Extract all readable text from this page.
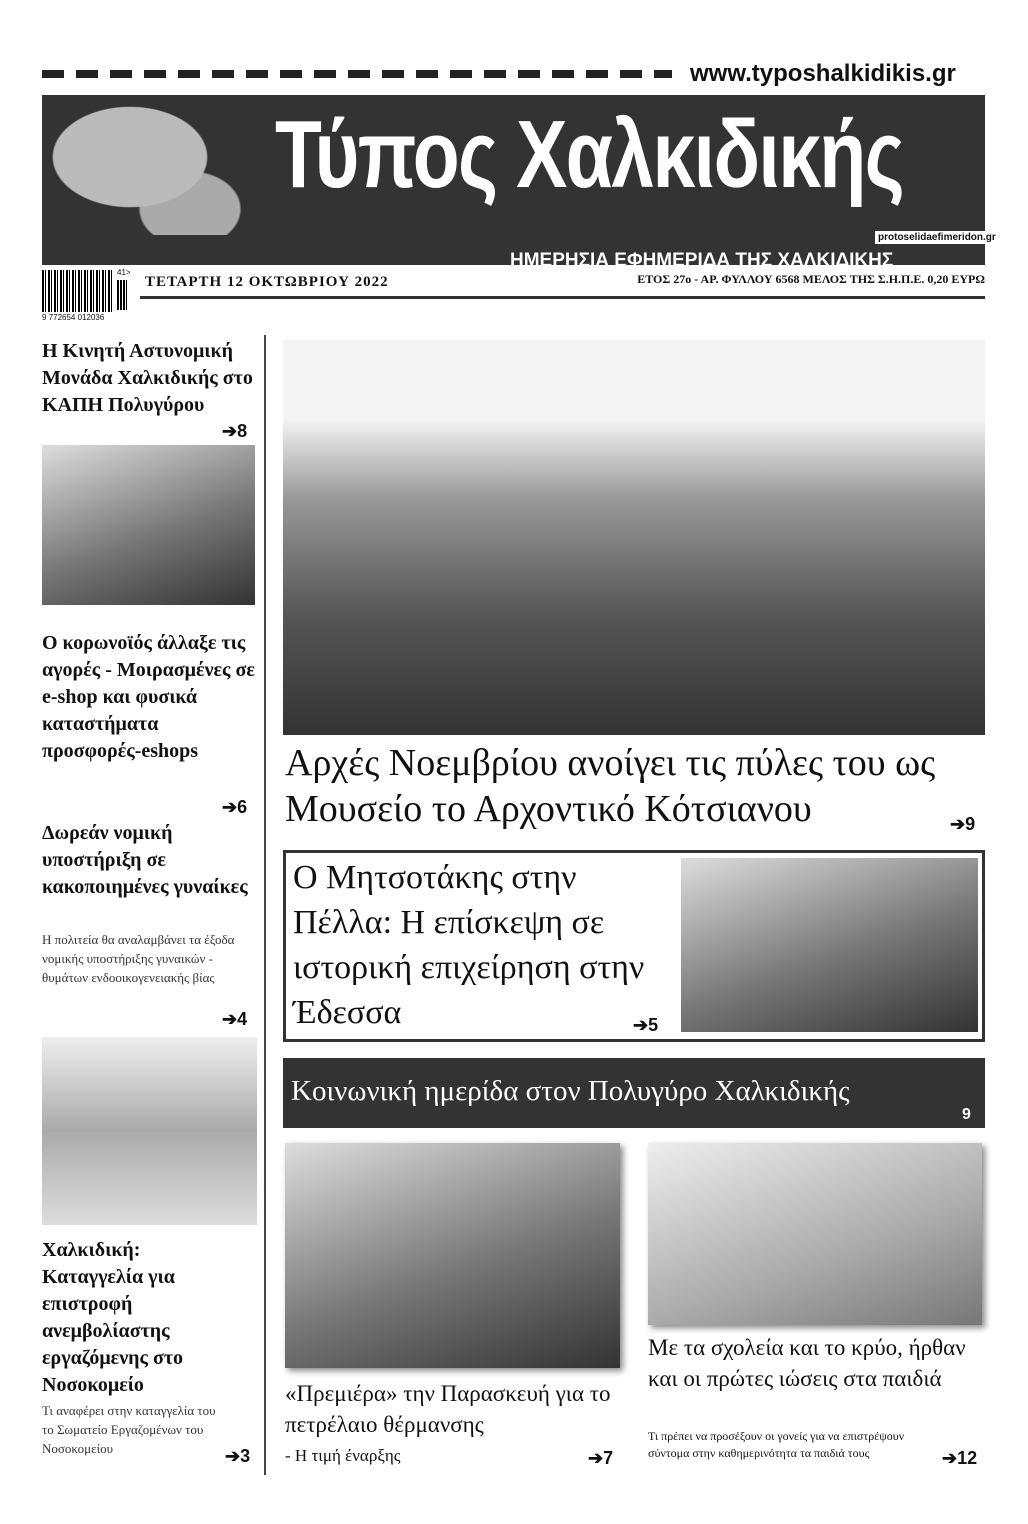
www.typoshalkidikis.gr
Τύπος Χαλκιδικής
ΗΜΕΡΗΣΙΑ ΕΦΗΜΕΡΙΔΑ ΤΗΣ ΧΑΛΚΙΔΙΚΗΣ
protoselidaefimeridon.gr
41>
9 772654 012036
ΤΕΤΑΡΤΗ 12 ΟΚΤΩΒΡΙΟΥ 2022	ΕΤΟΣ 27ο - ΑΡ. ΦΥΛΛΟΥ 6568 ΜΕΛΟΣ ΤΗΣ Σ.Η.Π.Ε. 0,20 ΕΥΡΩ
Η Κινητή Αστυνομική Μονάδα Χαλκιδικής στο ΚΑΠΗ Πολυγύρου
➔8
Ο κορωνοϊός άλλαξε τις αγορές - Μοιρασμένες σε e-shop και φυσικά καταστήματα προσφορές-eshops
➔6
Δωρεάν νομική υποστήριξη σε κακοποιημένες γυναίκες
Η πολιτεία θα αναλαμβάνει τα έξοδα νομικής υποστήριξης γυναικών - θυμάτων ενδοοικογενειακής βίας
➔4
Χαλκιδική: Καταγγελία για επιστροφή ανεμβολίαστης εργαζόμενης στο Νοσοκομείο
Τι αναφέρει στην καταγγελία του το Σωματείο Εργαζομένων του Νοσοκομείου	➔3
Αρχές Νοεμβρίου ανοίγει τις πύλες του ως Μουσείο το Αρχοντικό Κότσιανου	➔9
Ο Μητσοτάκης στην Πέλλα: Η επίσκεψη σε ιστορική επιχείρηση στην Έδεσσα	➔5
Κοινωνική ημερίδα στον Πολυγύρο Χαλκιδικής
9
«Πρεμιέρα» την Παρασκευή για το πετρέλαιο θέρμανσης
- Η τιμή έναρξης	➔7
Με τα σχολεία και το κρύο, ήρθαν και οι πρώτες ιώσεις στα παιδιά
Τι πρέπει να προσέξουν οι γονείς για να επιστρέψουν σύντομα στην καθημερινότητα τα παιδιά τους	➔12
